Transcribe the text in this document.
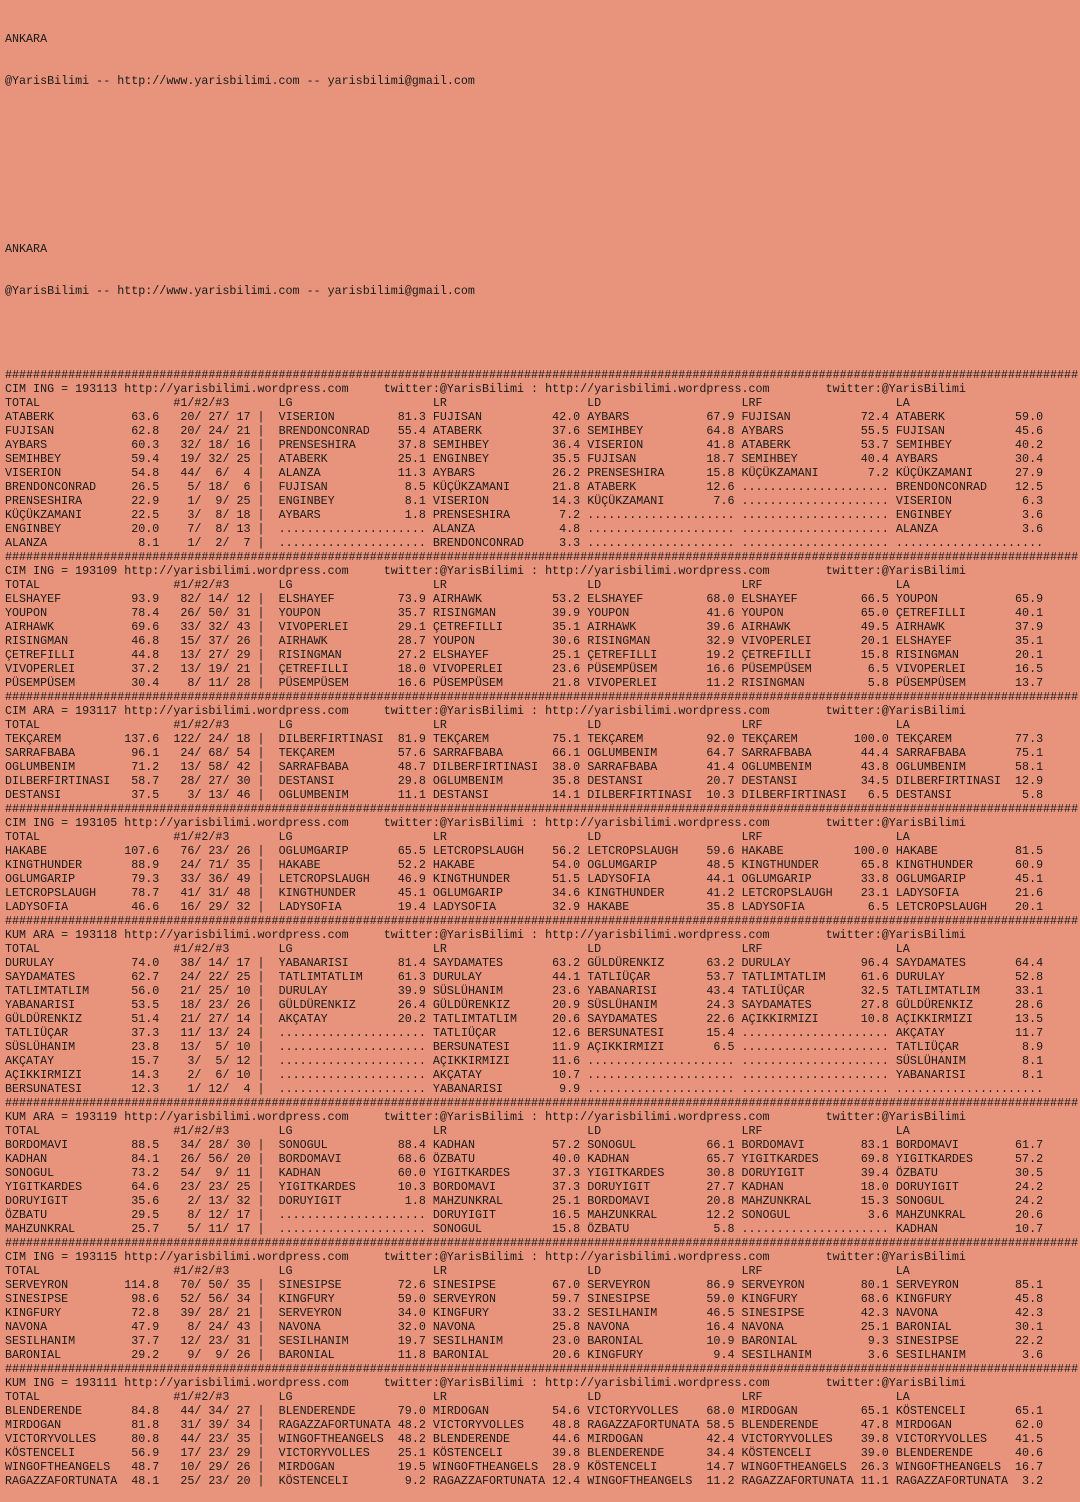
ANKARA

@YarisBilimi -- http://www.yarisbilimi.com -- yarisbilimi@gmail.com

ANKARA

@YarisBilimi -- http://www.yarisbilimi.com -- yarisbilimi@gmail.com

#########################################################################################################################################################
CIM ING = 193113 http://yarisbilimi.wordpress.com	twitter:@YarisBilimi : http://yarisbilimi.wordpress.com	twitter:@YarisBilimi
TOTAL                   #1/#2/#3       LG                    LR                    LD                    LRF                   LA
ATABERK           63.6   20/ 27/ 17 |  VISERION         81.3 FUJISAN          42.0 AYBARS           67.9 FUJISAN          72.4 ATABERK          59.0
FUJISAN           62.8   20/ 24/ 21 |  BRENDONCONRAD    55.4 ATABERK          37.6 SEMIHBEY         64.8 AYBARS           55.5 FUJISAN          45.6
AYBARS            60.3   32/ 18/ 16 |  PRENSESHIRA      37.8 SEMIHBEY         36.4 VISERION         41.8 ATABERK          53.7 SEMIHBEY         40.2
SEMIHBEY          59.4   19/ 32/ 25 |  ATABERK          25.1 ENGINBEY         35.5 FUJISAN          18.7 SEMIHBEY         40.4 AYBARS           30.4
VISERION          54.8   44/  6/  4 |  ALANZA           11.3 AYBARS           26.2 PRENSESHIRA      15.8 KÜÇÜKZAMANI       7.2 KÜÇÜKZAMANI      27.9
BRENDONCONRAD     26.5    5/ 18/  6 |  FUJISAN           8.5 KÜÇÜKZAMANI      21.8 ATABERK          12.6 ..................... BRENDONCONRAD    12.5
PRENSESHIRA       22.9    1/  9/ 25 |  ENGINBEY          8.1 VISERION         14.3 KÜÇÜKZAMANI       7.6 ..................... VISERION          6.3
KÜÇÜKZAMANI       22.5    3/  8/ 18 |  AYBARS            1.8 PRENSESHIRA       7.2 ..................... ..................... ENGINBEY          3.6
ENGINBEY          20.0    7/  8/ 13 |  ..................... ALANZA            4.8 ..................... ..................... ALANZA            3.6
ALANZA             8.1    1/  2/  7 |  ..................... BRENDONCONRAD     3.3 ..................... ..................... .....................
#########################################################################################################################################################
CIM ING = 193109 http://yarisbilimi.wordpress.com	twitter:@YarisBilimi : http://yarisbilimi.wordpress.com	twitter:@YarisBilimi
TOTAL                   #1/#2/#3       LG                    LR                    LD                    LRF                   LA
ELSHAYEF          93.9   82/ 14/ 12 |  ELSHAYEF         73.9 AIRHAWK          53.2 ELSHAYEF         68.0 ELSHAYEF         66.5 YOUPON           65.9
YOUPON            78.4   26/ 50/ 31 |  YOUPON           35.7 RISINGMAN        39.9 YOUPON           41.6 YOUPON           65.0 ÇETREFILLI       40.1
AIRHAWK           69.6   33/ 32/ 43 |  VIVOPERLEI       29.1 ÇETREFILLI       35.1 AIRHAWK          39.6 AIRHAWK          49.5 AIRHAWK          37.9
RISINGMAN         46.8   15/ 37/ 26 |  AIRHAWK          28.7 YOUPON           30.6 RISINGMAN        32.9 VIVOPERLEI       20.1 ELSHAYEF         35.1
ÇETREFILLI        44.8   13/ 27/ 29 |  RISINGMAN        27.2 ELSHAYEF         25.1 ÇETREFILLI       19.2 ÇETREFILLI       15.8 RISINGMAN        20.1
VIVOPERLEI        37.2   13/ 19/ 21 |  ÇETREFILLI       18.0 VIVOPERLEI       23.6 PÜSEMPÜSEM       16.6 PÜSEMPÜSEM        6.5 VIVOPERLEI       16.5
PÜSEMPÜSEM        30.4    8/ 11/ 28 |  PÜSEMPÜSEM       16.6 PÜSEMPÜSEM       21.8 VIVOPERLEI       11.2 RISINGMAN         5.8 PÜSEMPÜSEM       13.7
#########################################################################################################################################################
CIM ARA = 193117 http://yarisbilimi.wordpress.com	twitter:@YarisBilimi : http://yarisbilimi.wordpress.com	twitter:@YarisBilimi
TOTAL                   #1/#2/#3       LG                    LR                    LD                    LRF                   LA
TEKÇAREM         137.6 122/ 24/ 18 |  DILBERFIRTINASI  81.9 TEKÇAREM         75.1 TEKÇAREM         92.0 TEKÇAREM        100.0 TEKÇAREM         77.3
SARRAFBABA        96.1   24/ 68/ 54 |  TEKÇAREM         57.6 SARRAFBABA       66.1 OGLUMBENIM       64.7 SARRAFBABA       44.4 SARRAFBABA       75.1
OGLUMBENIM        71.2   13/ 58/ 42 |  SARRAFBABA       48.7 DILBERFIRTINASI  38.0 SARRAFBABA       41.4 OGLUMBENIM       43.8 OGLUMBENIM       58.1
DILBERFIRTINASI   58.7   28/ 27/ 30 |  DESTANSI         29.8 OGLUMBENIM       35.8 DESTANSI         20.7 DESTANSI         34.5 DILBERFIRTINASI  12.9
DESTANSI          37.5    3/ 13/ 46 |  OGLUMBENIM       11.1 DESTANSI         14.1 DILBERFIRTINASI  10.3 DILBERFIRTINASI   6.5 DESTANSI          5.8
#########################################################################################################################################################
CIM ING = 193105 http://yarisbilimi.wordpress.com	twitter:@YarisBilimi : http://yarisbilimi.wordpress.com	twitter:@YarisBilimi
TOTAL                   #1/#2/#3       LG                    LR                    LD                    LRF                   LA
HAKABE           107.6   76/ 23/ 26 |  OGLUMGARIP       65.5 LETCROPSLAUGH    56.2 LETCROPSLAUGH    59.6 HAKABE          100.0 HAKABE           81.5
KINGTHUNDER       88.9   24/ 71/ 35 |  HAKABE           52.2 HAKABE           54.0 OGLUMGARIP       48.5 KINGTHUNDER      65.8 KINGTHUNDER      60.9
OGLUMGARIP        79.3   33/ 36/ 49 |  LETCROPSLAUGH    46.9 KINGTHUNDER      51.5 LADYSOFIA        44.1 OGLUMGARIP       33.8 OGLUMGARIP       45.1
LETCROPSLAUGH     78.7   41/ 31/ 48 |  KINGTHUNDER      45.1 OGLUMGARIP       34.6 KINGTHUNDER      41.2 LETCROPSLAUGH    23.1 LADYSOFIA        21.6
LADYSOFIA         46.6   16/ 29/ 32 |  LADYSOFIA        19.4 LADYSOFIA        32.9 HAKABE           35.8 LADYSOFIA         6.5 LETCROPSLAUGH    20.1
#########################################################################################################################################################
KUM ARA = 193118 http://yarisbilimi.wordpress.com	twitter:@YarisBilimi : http://yarisbilimi.wordpress.com	twitter:@YarisBilimi
TOTAL                   #1/#2/#3       LG                    LR                    LD                    LRF                   LA
DURULAY           74.0   38/ 14/ 17 |  YABANARISI       81.4 SAYDAMATES       63.2 GÜLDÜRENKIZ      63.2 DURULAY          96.4 SAYDAMATES       64.4
SAYDAMATES        62.7   24/ 22/ 25 |  TATLIMTATLIM     61.3 DURULAY          44.1 TATLIÜÇAR        53.7 TATLIMTATLIM     61.6 DURULAY          52.8
TATLIMTATLIM      56.0   21/ 25/ 10 |  DURULAY          39.9 SÜSLÜHANIM       23.6 YABANARISI       43.4 TATLIÜÇAR        32.5 TATLIMTATLIM     33.1
YABANARISI        53.5   18/ 23/ 26 |  GÜLDÜRENKIZ      26.4 GÜLDÜRENKIZ      20.9 SÜSLÜHANIM       24.3 SAYDAMATES       27.8 GÜLDÜRENKIZ      28.6
GÜLDÜRENKIZ       51.4   21/ 27/ 14 |  AKÇATAY          20.2 TATLIMTATLIM     20.6 SAYDAMATES       22.6 AÇIKKIRMIZI      10.8 AÇIKKIRMIZI      13.5
TATLIÜÇAR         37.3   11/ 13/ 24 |  ..................... TATLIÜÇAR        12.6 BERSUNATESI      15.4 ..................... AKÇATAY          11.7
SÜSLÜHANIM        23.8   13/  5/ 10 |  ..................... BERSUNATESI      11.9 AÇIKKIRMIZI       6.5 ..................... TATLIÜÇAR         8.9
AKÇATAY           15.7    3/  5/ 12 |  ..................... AÇIKKIRMIZI      11.6 ..................... ..................... SÜSLÜHANIM        8.1
AÇIKKIRMIZI       14.3    2/  6/ 10 |  ..................... AKÇATAY          10.7 ..................... ..................... YABANARISI        8.1
BERSUNATESI       12.3    1/ 12/  4 |  ..................... YABANARISI        9.9 ..................... ..................... .....................
#########################################################################################################################################################
KUM ARA = 193119 http://yarisbilimi.wordpress.com	twitter:@YarisBilimi : http://yarisbilimi.wordpress.com	twitter:@YarisBilimi
TOTAL                   #1/#2/#3       LG                    LR                    LD                    LRF                   LA
BORDOMAVI         88.5   34/ 28/ 30 |  SONOGUL          88.4 KADHAN           57.2 SONOGUL          66.1 BORDOMAVI        83.1 BORDOMAVI        61.7
KADHAN            84.1   26/ 56/ 20 |  BORDOMAVI        68.6 ÖZBATU           40.0 KADHAN           65.7 YIGITKARDES      69.8 YIGITKARDES      57.2
SONOGUL           73.2   54/  9/ 11 |  KADHAN           60.0 YIGITKARDES      37.3 YIGITKARDES      30.8 DORUYIGIT        39.4 ÖZBATU           30.5
YIGITKARDES       64.6   23/ 23/ 25 |  YIGITKARDES      10.3 BORDOMAVI        37.3 DORUYIGIT        27.7 KADHAN           18.0 DORUYIGIT        24.2
DORUYIGIT         35.6    2/ 13/ 32 |  DORUYIGIT         1.8 MAHZUNKRAL       25.1 BORDOMAVI        20.8 MAHZUNKRAL       15.3 SONOGUL          24.2
ÖZBATU            29.5    8/ 12/ 17 |  ..................... DORUYIGIT        16.5 MAHZUNKRAL       12.2 SONOGUL           3.6 MAHZUNKRAL       20.6
MAHZUNKRAL        25.7    5/ 11/ 17 |  ..................... SONOGUL          15.8 ÖZBATU            5.8 ..................... KADHAN           10.7
#########################################################################################################################################################
CIM ING = 193115 http://yarisbilimi.wordpress.com	twitter:@YarisBilimi : http://yarisbilimi.wordpress.com	twitter:@YarisBilimi
TOTAL                   #1/#2/#3       LG                    LR                    LD                    LRF                   LA
SERVEYRON        114.8   70/ 50/ 35 |  SINESIPSE        72.6 SINESIPSE        67.0 SERVEYRON        86.9 SERVEYRON        80.1 SERVEYRON        85.1
SINESIPSE         98.6   52/ 56/ 34 |  KINGFURY         59.0 SERVEYRON        59.7 SINESIPSE        59.0 KINGFURY         68.6 KINGFURY         45.8
KINGFURY          72.8   39/ 28/ 21 |  SERVEYRON        34.0 KINGFURY         33.2 SESILHANIM       46.5 SINESIPSE        42.3 NAVONA           42.3
NAVONA            47.9    8/ 24/ 43 |  NAVONA           32.0 NAVONA           25.8 NAVONA           16.4 NAVONA           25.1 BARONIAL         30.1
SESILHANIM        37.7   12/ 23/ 31 |  SESILHANIM       19.7 SESILHANIM       23.0 BARONIAL         10.9 BARONIAL          9.3 SINESIPSE        22.2
BARONIAL          29.2    9/  9/ 26 |  BARONIAL         11.8 BARONIAL         20.6 KINGFURY          9.4 SESILHANIM        3.6 SESILHANIM        3.6
#########################################################################################################################################################
KUM ING = 193111 http://yarisbilimi.wordpress.com	twitter:@YarisBilimi : http://yarisbilimi.wordpress.com	twitter:@YarisBilimi
TOTAL                   #1/#2/#3       LG                    LR                    LD                    LRF                   LA
BLENDERENDE       84.8   44/ 34/ 27 |  BLENDERENDE      79.0 MIRDOGAN         54.6 VICTORYVOLLES    68.0 MIRDOGAN         65.1 KÖSTENCELI       65.1
MIRDOGAN          81.8   31/ 39/ 34 |  RAGAZZAFORTUNATA 48.2 VICTORYVOLLES    48.8 RAGAZZAFORTUNATA 58.5 BLENDERENDE      47.8 MIRDOGAN         62.0
VICTORYVOLLES     80.8   44/ 23/ 35 |  WINGOFTHEANGELS  48.2 BLENDERENDE      44.6 MIRDOGAN         42.4 VICTORYVOLLES    39.8 VICTORYVOLLES    41.5
KÖSTENCELI        56.9   17/ 23/ 29 |  VICTORYVOLLES    25.1 KÖSTENCELI       39.8 BLENDERENDE      34.4 KÖSTENCELI       39.0 BLENDERENDE      40.6
WINGOFTHEANGELS   48.7   10/ 29/ 26 |  MIRDOGAN         19.5 WINGOFTHEANGELS  28.9 KÖSTENCELI       14.7 WINGOFTHEANGELS  26.3 WINGOFTHEANGELS  16.7
RAGAZZAFORTUNATA  48.1   25/ 23/ 20 |  KÖSTENCELI        9.2 RAGAZZAFORTUNATA 12.4 WINGOFTHEANGELS  11.2 RAGAZZAFORTUNATA 11.1 RAGAZZAFORTUNATA  3.2
